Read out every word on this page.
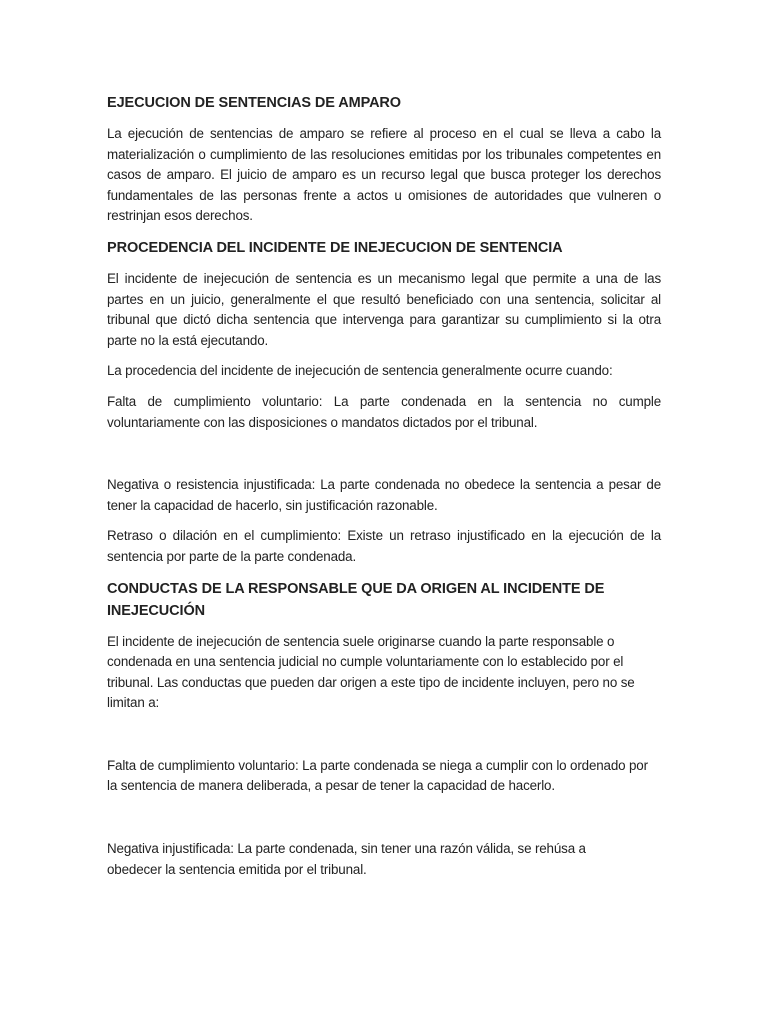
EJECUCION DE SENTENCIAS DE AMPARO

La ejecución de sentencias de amparo se refiere al proceso en el cual se lleva a cabo la materialización o cumplimiento de las resoluciones emitidas por los tribunales competentes en casos de amparo. El juicio de amparo es un recurso legal que busca proteger los derechos fundamentales de las personas frente a actos u omisiones de autoridades que vulneren o restrinjan esos derechos.

PROCEDENCIA DEL INCIDENTE DE INEJECUCION DE SENTENCIA

El incidente de inejecución de sentencia es un mecanismo legal que permite a una de las partes en un juicio, generalmente el que resultó beneficiado con una sentencia, solicitar al tribunal que dictó dicha sentencia que intervenga para garantizar su cumplimiento si la otra parte no la está ejecutando.

La procedencia del incidente de inejecución de sentencia generalmente ocurre cuando:

Falta de cumplimiento voluntario: La parte condenada en la sentencia no cumple voluntariamente con las disposiciones o mandatos dictados por el tribunal.

Negativa o resistencia injustificada: La parte condenada no obedece la sentencia a pesar de tener la capacidad de hacerlo, sin justificación razonable.

Retraso o dilación en el cumplimiento: Existe un retraso injustificado en la ejecución de la sentencia por parte de la parte condenada.

CONDUCTAS DE LA RESPONSABLE QUE DA ORIGEN AL INCIDENTE DE INEJECUCIÓN

El incidente de inejecución de sentencia suele originarse cuando la parte responsable o condenada en una sentencia judicial no cumple voluntariamente con lo establecido por el tribunal. Las conductas que pueden dar origen a este tipo de incidente incluyen, pero no se limitan a:

Falta de cumplimiento voluntario: La parte condenada se niega a cumplir con lo ordenado por la sentencia de manera deliberada, a pesar de tener la capacidad de hacerlo.

Negativa injustificada: La parte condenada, sin tener una razón válida, se rehúsa a obedecer la sentencia emitida por el tribunal.
